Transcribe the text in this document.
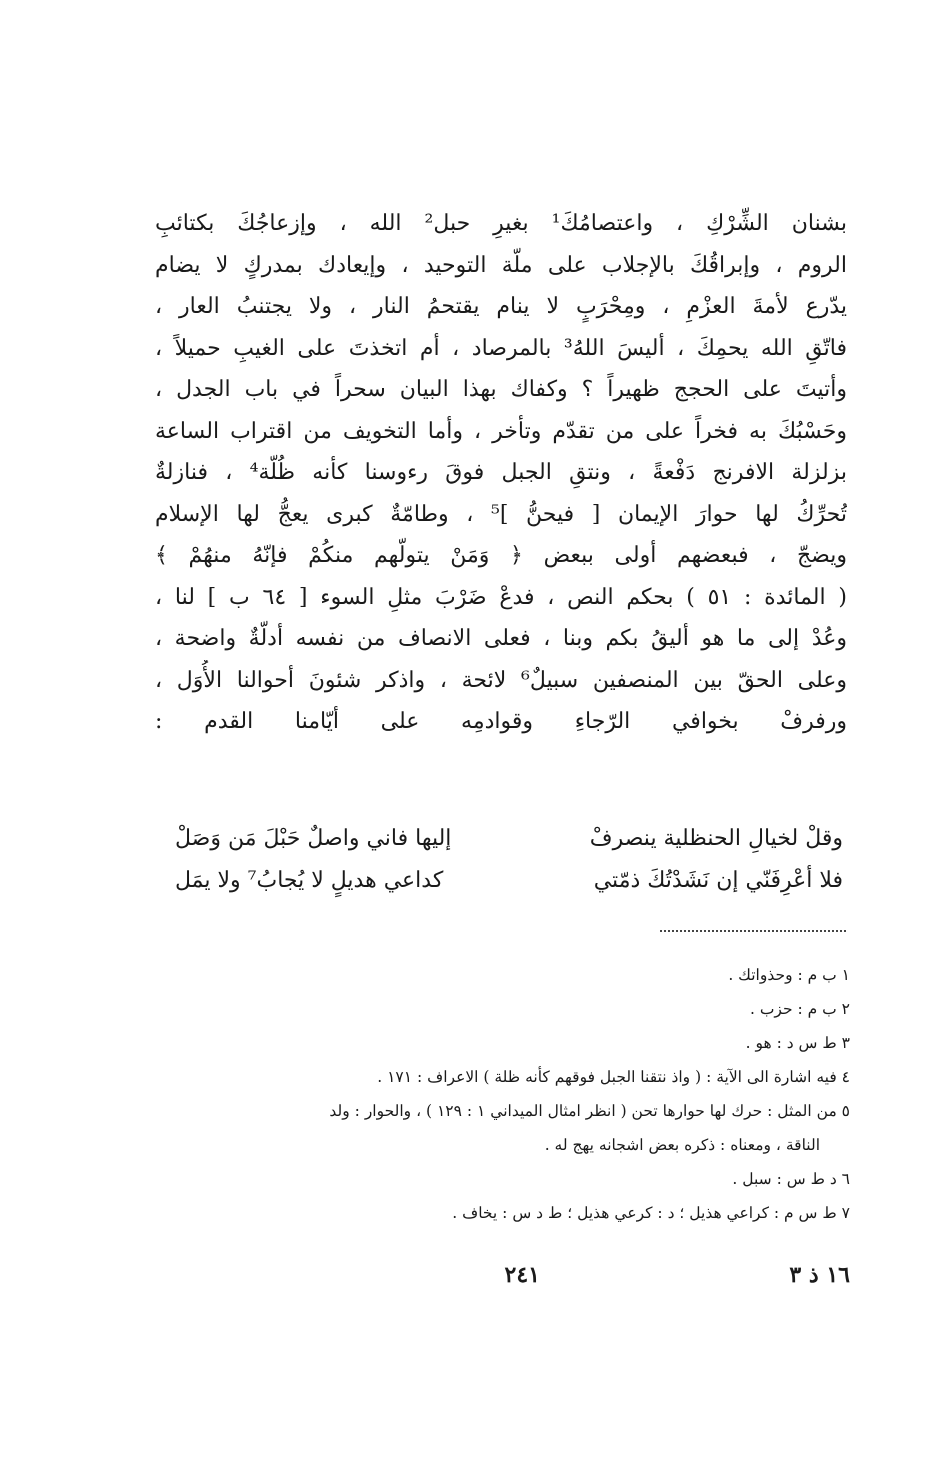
بشنان الشِّرْكِ ، واعتصامُكَ¹ بغيرِ حبل² الله ، وإزعاجُكَ بكتائبِ
الروم ، وإبراقُكَ بالإجلاب على ملّة التوحيد ، وإيعادك بمدركٍ لا يضام
يدّرع لأمةَ العزْمِ ، ومِحْرَبٍ لا ينام يقتحمُ النار ، ولا يجتنبُ العار ،
فاتّقِ الله يحمِكَ ، أليسَ اللهُ³ بالمرصاد ، أم اتخذتَ على الغيبِ حميلاً ،
وأتيتَ على الحجج ظهيراً ؟ وكفاك بهذا البيان سحراً في باب الجدل ،
وحَسْبُكَ به فخراً على من تقدّم وتأخر ، وأما التخويف من اقتراب الساعة
بزلزلة الافرنج دَفْعةً ، ونتقِ الجبل فوقَ رءوسنا كأنه ظُلّة⁴ ، فنازلةٌ
تُحرِّكُ لها حوارَ الإيمان [ فيحنُّ ]⁵ ، وطامّةٌ كبرى يعجُّ لها الإسلام
ويضجّ ، فبعضهم أولى ببعض ﴿ وَمَنْ يتولّهم منكُمْ فإنّهُ منهُمْ ﴾
( المائدة : ٥١ ) بحكم النص ، فدعْ ضَرْبَ مثلِ السوء [ ٦٤ ب ] لنا ،
وعُدْ إلى ما هو أليقُ بكم وبنا ، فعلى الانصاف من نفسه أدلّةٌ واضحة ،
وعلى الحقّ بين المنصفين سبيلٌ⁶ لائحة ، واذكر شئونَ أحوالنا الأُوَل ،
ورفرفْ بخوافي الرّجاءِ وقوادمِه على أيّامنا القدم :
وقلْ لخيالِ الحنظلية ينصرفْ
إليها فاني واصلٌ حَبْلَ مَن وَصَلْ
فلا أعْرِفَنّي إن نَشَدْتُكَ ذمّتي
كداعي هديلٍ لا يُجابُ⁷ ولا يمَل
١ ب م : وحذواتك .
٢ ب م : حزب .
٣ ط س د : هو .
٤ فيه اشارة الى الآية : ( واذ نتقنا الجبل فوقهم كأنه ظلة ) الاعراف : ١٧١ .
٥ من المثل : حرك لها حوارها تحن ( انظر امثال الميداني ١ : ١٢٩ ) ، والحوار : ولد
الناقة ، ومعناه : ذكره بعض اشجانه يهج له .
٦ د ط س : سبل .
٧ ط س م : كراعي هذيل ؛ د : كرعي هذيل ؛ ط د س : يخاف .
١٦ ذ ٣
٢٤١
